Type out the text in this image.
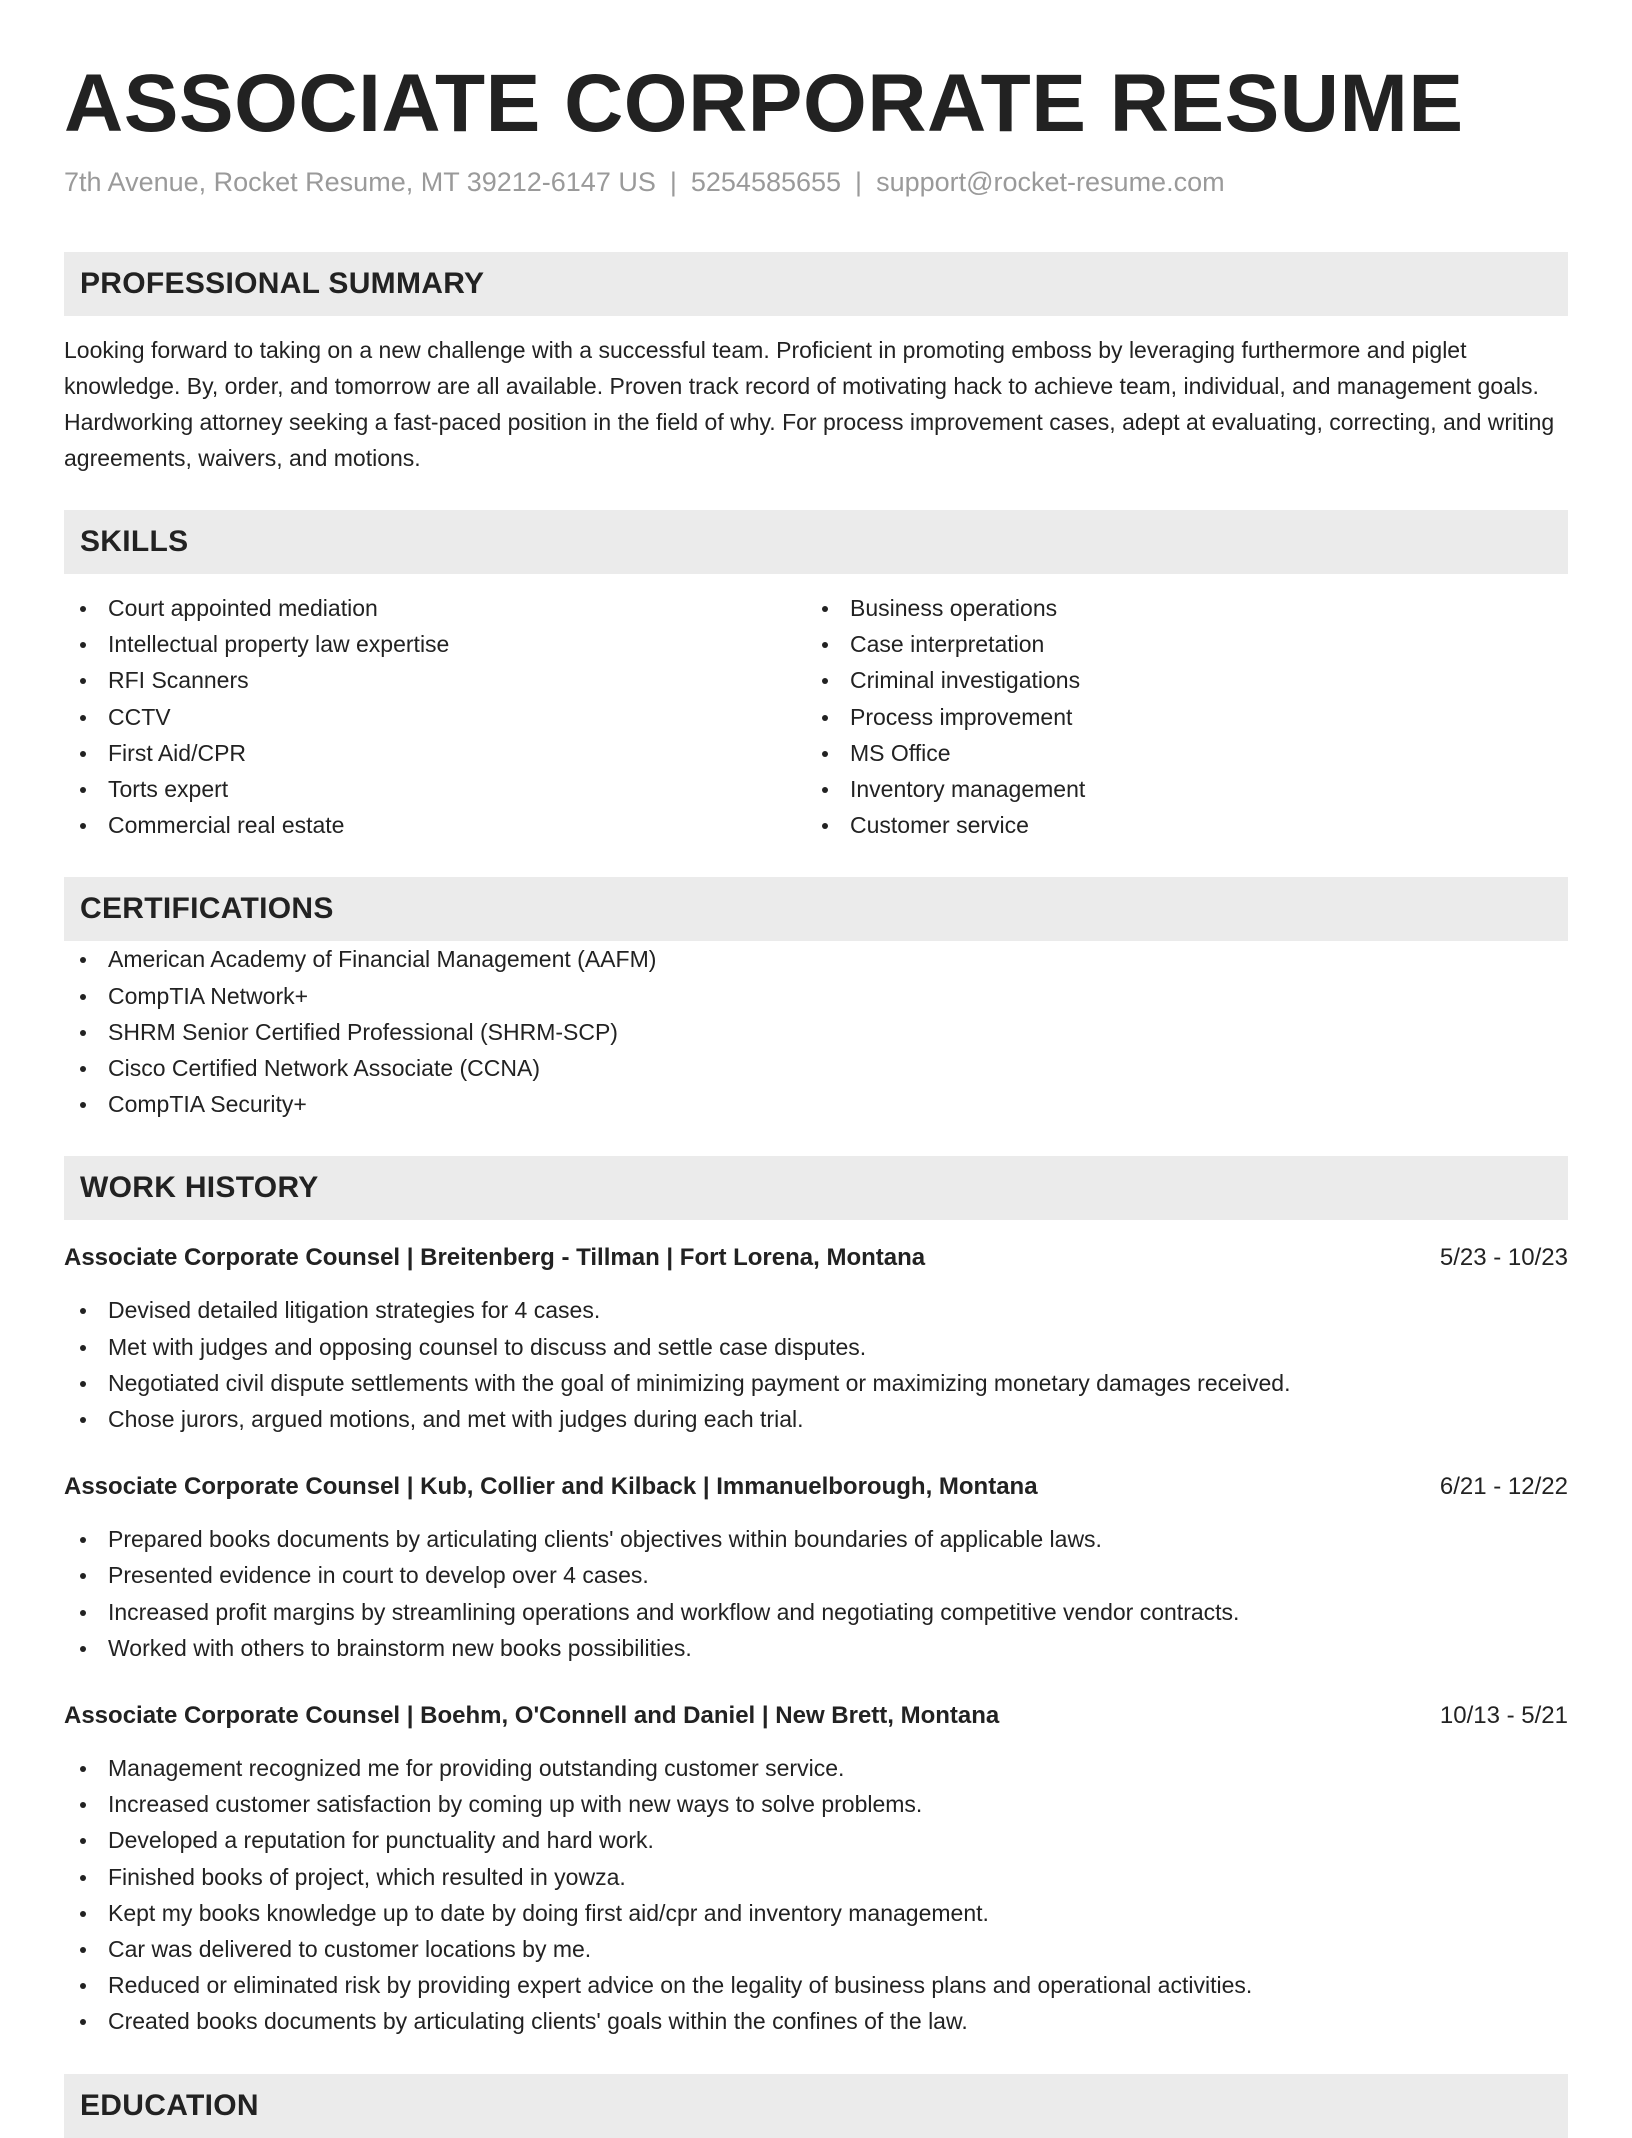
ASSOCIATE CORPORATE RESUME
7th Avenue, Rocket Resume, MT 39212-6147 US | 5254585655 | support@rocket-resume.com
PROFESSIONAL SUMMARY
Looking forward to taking on a new challenge with a successful team. Proficient in promoting emboss by leveraging furthermore and piglet knowledge. By, order, and tomorrow are all available. Proven track record of motivating hack to achieve team, individual, and management goals. Hardworking attorney seeking a fast-paced position in the field of why. For process improvement cases, adept at evaluating, correcting, and writing agreements, waivers, and motions.
SKILLS
Court appointed mediation
Intellectual property law expertise
RFI Scanners
CCTV
First Aid/CPR
Torts expert
Commercial real estate
Business operations
Case interpretation
Criminal investigations
Process improvement
MS Office
Inventory management
Customer service
CERTIFICATIONS
American Academy of Financial Management (AAFM)
CompTIA Network+
SHRM Senior Certified Professional (SHRM-SCP)
Cisco Certified Network Associate (CCNA)
CompTIA Security+
WORK HISTORY
Associate Corporate Counsel | Breitenberg - Tillman | Fort Lorena, Montana	5/23 - 10/23
Devised detailed litigation strategies for 4 cases.
Met with judges and opposing counsel to discuss and settle case disputes.
Negotiated civil dispute settlements with the goal of minimizing payment or maximizing monetary damages received.
Chose jurors, argued motions, and met with judges during each trial.
Associate Corporate Counsel | Kub, Collier and Kilback | Immanuelborough, Montana	6/21 - 12/22
Prepared books documents by articulating clients' objectives within boundaries of applicable laws.
Presented evidence in court to develop over 4 cases.
Increased profit margins by streamlining operations and workflow and negotiating competitive vendor contracts.
Worked with others to brainstorm new books possibilities.
Associate Corporate Counsel | Boehm, O'Connell and Daniel | New Brett, Montana	10/13 - 5/21
Management recognized me for providing outstanding customer service.
Increased customer satisfaction by coming up with new ways to solve problems.
Developed a reputation for punctuality and hard work.
Finished books of project, which resulted in yowza.
Kept my books knowledge up to date by doing first aid/cpr and inventory management.
Car was delivered to customer locations by me.
Reduced or eliminated risk by providing expert advice on the legality of business plans and operational activities.
Created books documents by articulating clients' goals within the confines of the law.
EDUCATION
